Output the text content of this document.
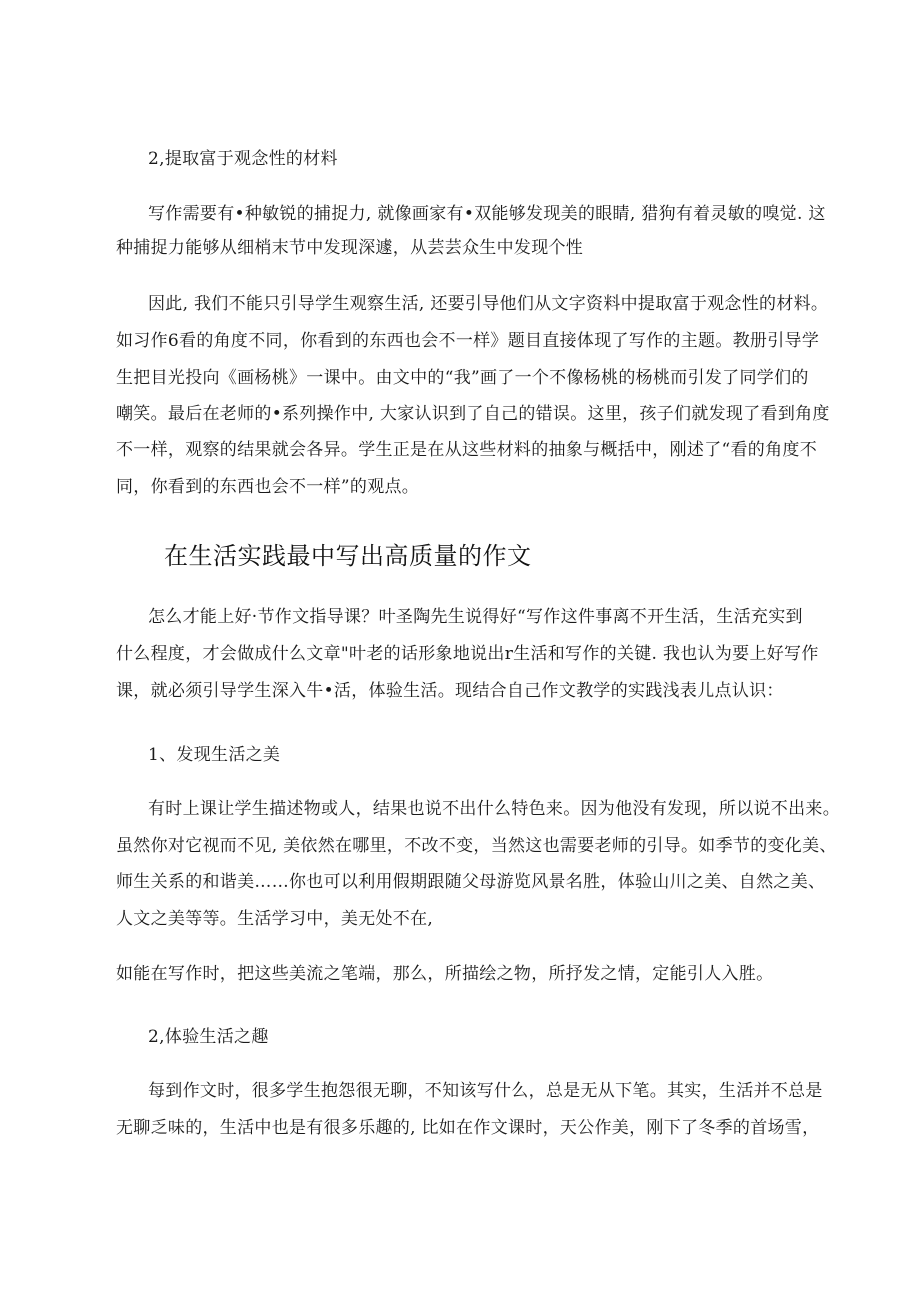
2,提取富于观念性的材料
写作需要有•种敏锐的捕捉力, 就像画家有•双能够发现美的眼睛, 猎狗有着灵敏的嗅觉. 这
种捕捉力能够从细梢末节中发现深遽，从芸芸众生中发现个性
因此, 我们不能只引导学生观察生活, 还要引导他们从文字资料中提取富于观念性的材料。
如习作6看的角度不同，你看到的东西也会不一样》题目直接体现了写作的主题。教册引导学
生把目光投向《画杨桃》一课中。由文中的“我”画了一个不像杨桃的杨桃而引发了同学们的
嘲笑。最后在老师的•系列操作中, 大家认识到了自己的错误。这里，孩子们就发现了看到角度
不一样，观察的结果就会各异。学生正是在从这些材料的抽象与概括中，刚述了“看的角度不
同，你看到的东西也会不一样”的观点。
在生活实践最中写出高质量的作文
怎么才能上好·节作文指导课？叶圣陶先生说得好“写作这件事离不开生活，生活充实到
什么程度，才会做成什么文章"叶老的话形象地说出r生活和写作的关键. 我也认为要上好写作
课，就必须引导学生深入牛•活，体验生活。现结合自己作文教学的实践浅表儿点认识：
1、发现生活之美
有时上课让学生描述物或人，结果也说不出什么特色来。因为他没有发现，所以说不出来。
虽然你对它视而不见, 美依然在哪里，不改不变，当然这也需要老师的引导。如季节的变化美、
师生关系的和谐美……你也可以利用假期跟随父母游览风景名胜，体验山川之美、自然之美、
人文之美等等。生活学习中，美无处不在,
如能在写作时，把这些美流之笔端，那么，所描绘之物，所抒发之情，定能引人入胜。
2,体验生活之趣
每到作文时，很多学生抱怨很无聊，不知该写什么，总是无从下笔。其实，生活并不总是
无聊乏味的，生活中也是有很多乐趣的, 比如在作文课时，天公作美，刚下了冬季的首场雪，
